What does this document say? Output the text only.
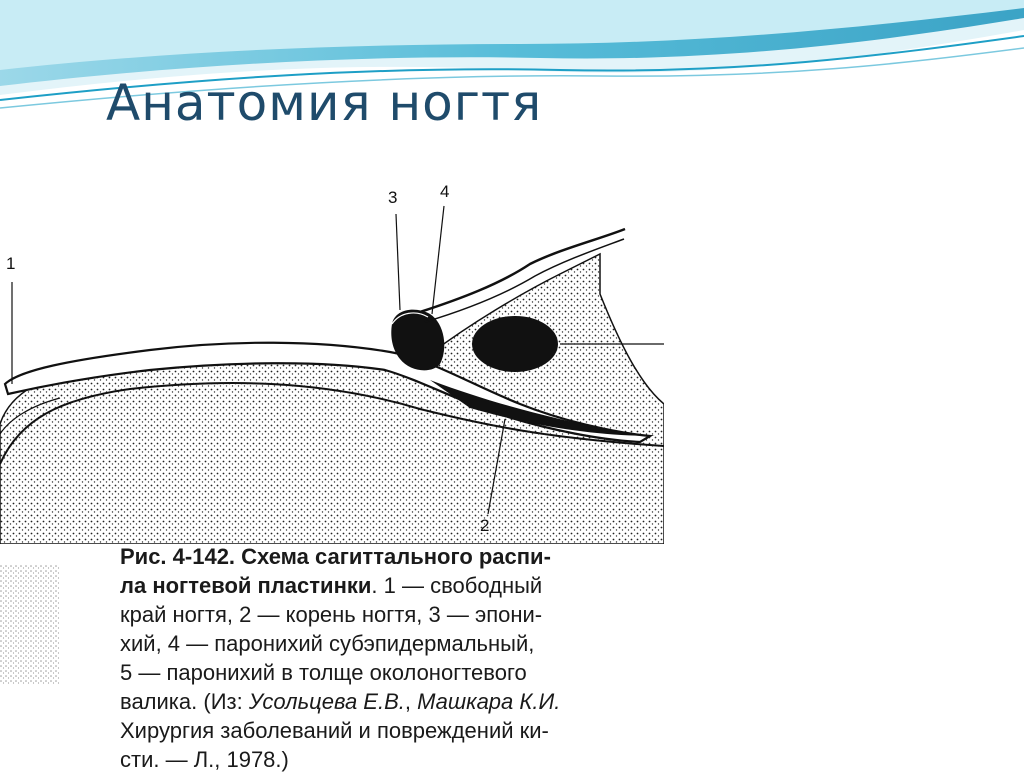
Анатомия ногтя
1
3	4
2
Рис. 4-142. Схема сагиттального распи-
ла ногтевой пластинки. 1 — свободный
край ногтя, 2 — корень ногтя, 3 — эпони-
хий, 4 — паронихий субэпидермальный,
5 — паронихий в толще околоногтевого
валика. (Из: Усольцева Е.В., Машкара К.И.
Хирургия заболеваний и повреждений ки-
сти. — Л., 1978.)
